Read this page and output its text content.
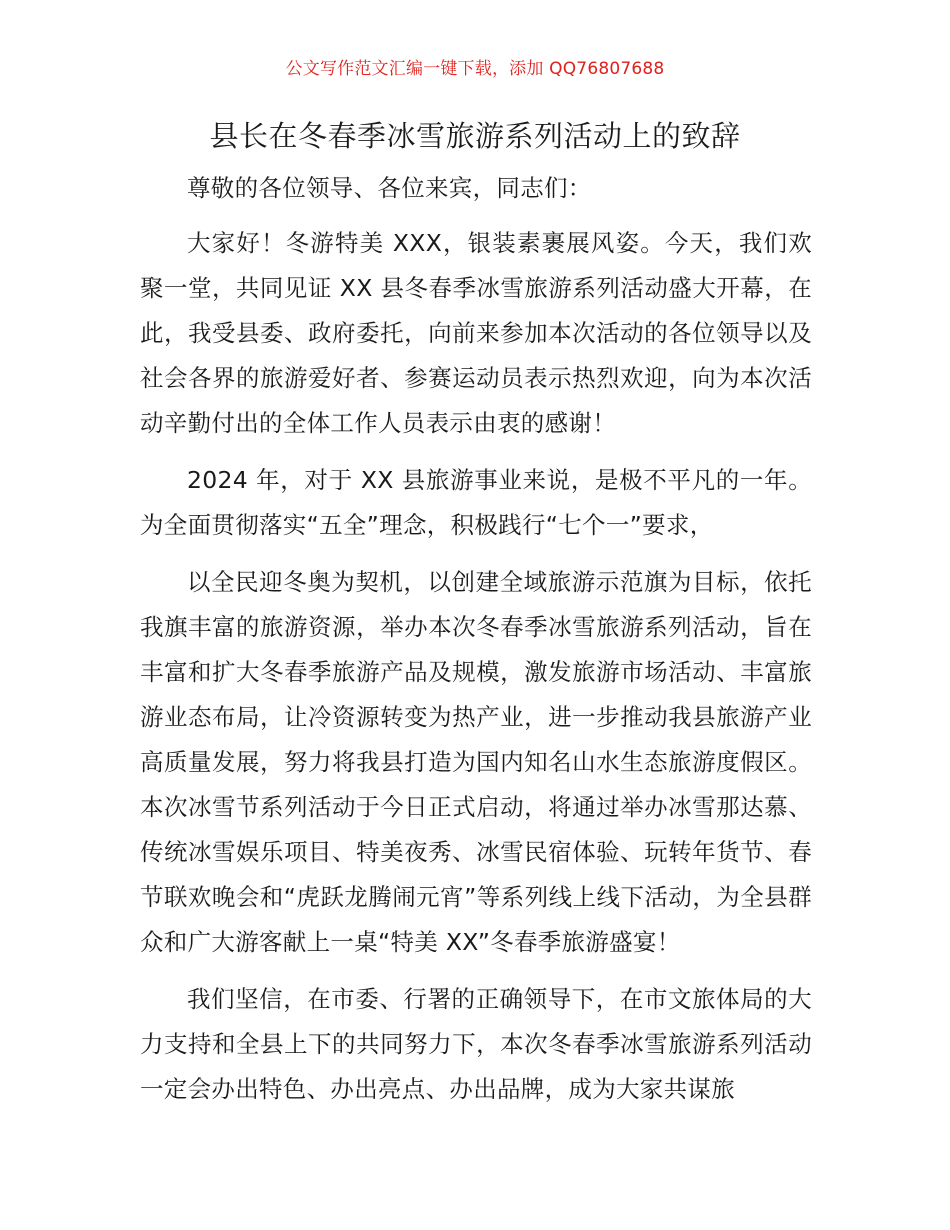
公文写作范文汇编一键下载，添加 QQ76807688
县长在冬春季冰雪旅游系列活动上的致辞

尊敬的各位领导、各位来宾，同志们：

大家好！冬游特美 XXX，银装素裹展风姿。今天，我们欢聚一堂，共同见证 XX 县冬春季冰雪旅游系列活动盛大开幕，在此，我受县委、政府委托，向前来参加本次活动的各位领导以及社会各界的旅游爱好者、参赛运动员表示热烈欢迎，向为本次活动辛勤付出的全体工作人员表示由衷的感谢！

2024 年，对于 XX 县旅游事业来说，是极不平凡的一年。为全面贯彻落实“五全”理念，积极践行“七个一”要求，

以全民迎冬奥为契机，以创建全域旅游示范旗为目标，依托我旗丰富的旅游资源，举办本次冬春季冰雪旅游系列活动，旨在丰富和扩大冬春季旅游产品及规模，激发旅游市场活动、丰富旅游业态布局，让冷资源转变为热产业，进一步推动我县旅游产业高质量发展，努力将我县打造为国内知名山水生态旅游度假区。本次冰雪节系列活动于今日正式启动，将通过举办冰雪那达慕、传统冰雪娱乐项目、特美夜秀、冰雪民宿体验、玩转年货节、春节联欢晚会和“虎跃龙腾闹元宵”等系列线上线下活动，为全县群众和广大游客献上一桌“特美 XX”冬春季旅游盛宴！

我们坚信，在市委、行署的正确领导下，在市文旅体局的大力支持和全县上下的共同努力下，本次冬春季冰雪旅游系列活动一定会办出特色、办出亮点、办出品牌，成为大家共谋旅
